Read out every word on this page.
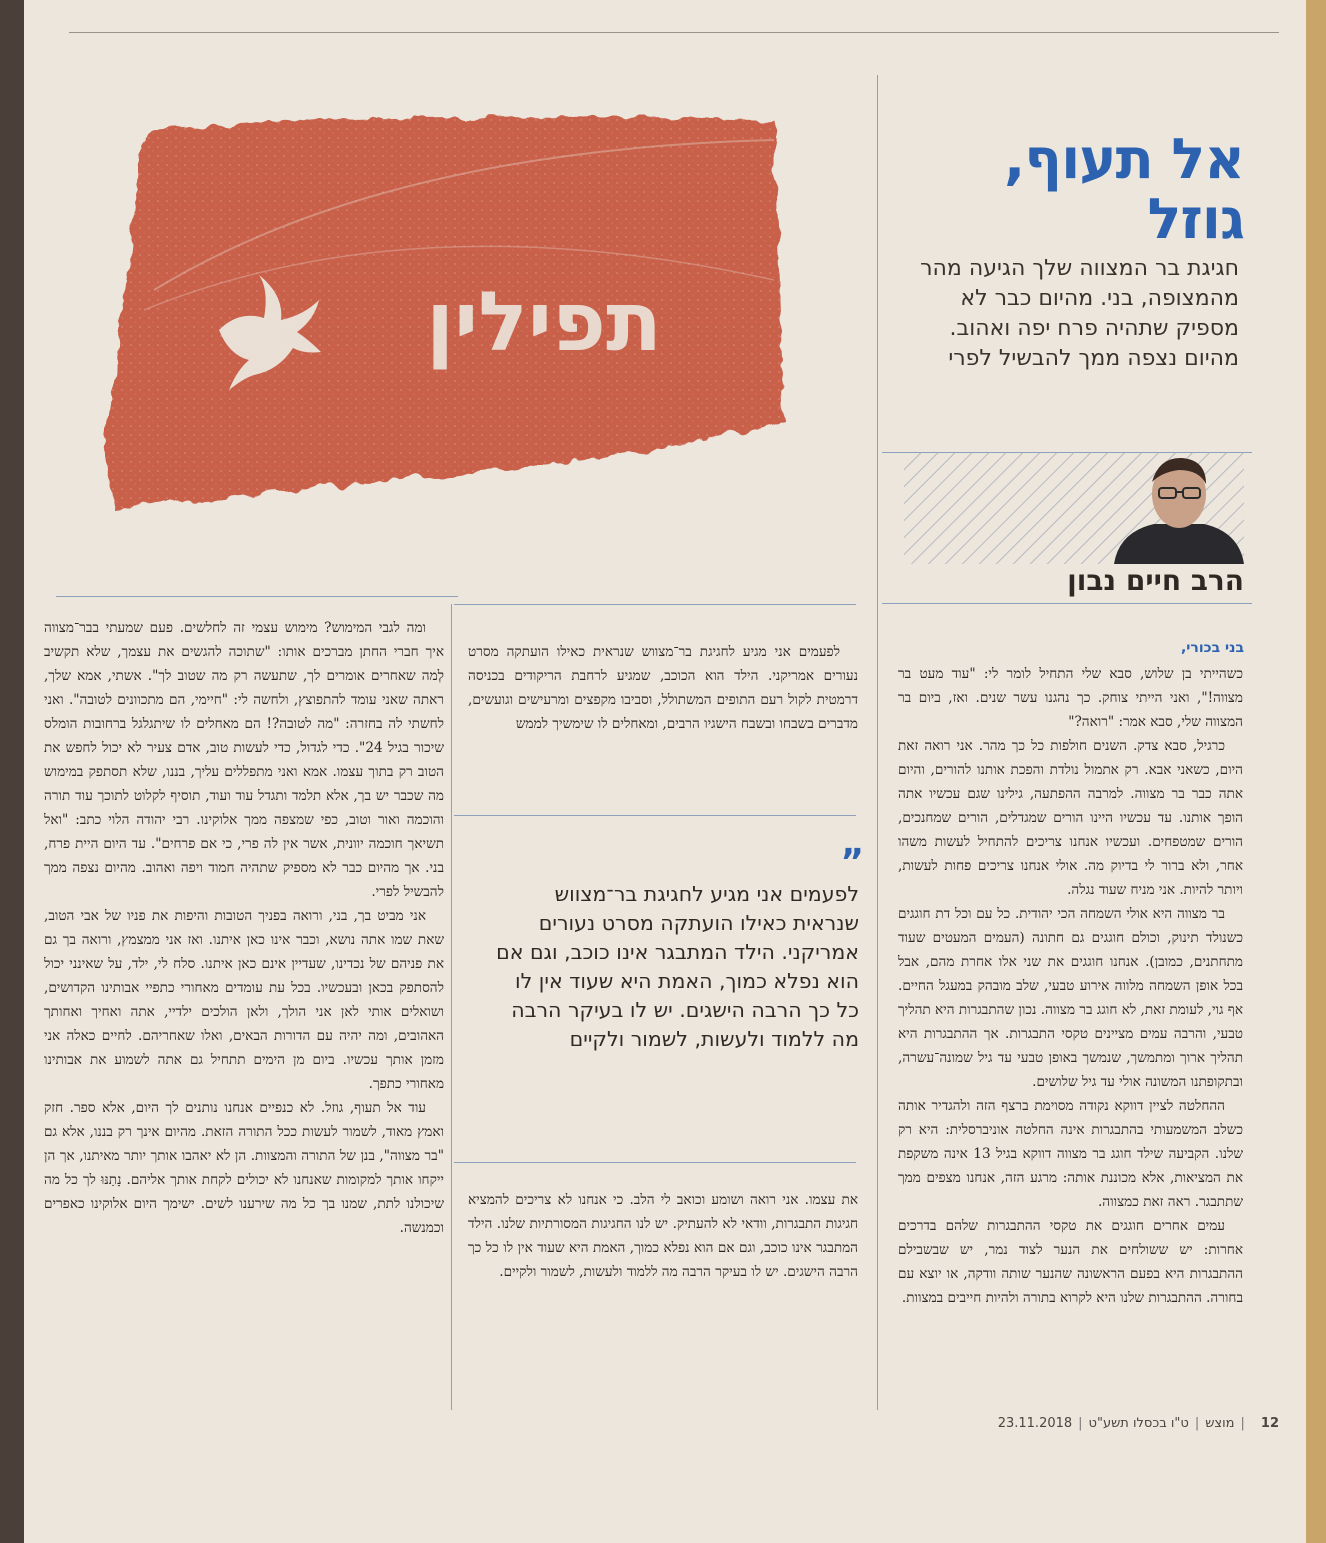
תפילין
אל תעוף,
גוזל
חגיגת בר המצווה שלך הגיעה מהר מהמצופה, בני. מהיום כבר לא מספיק שתהיה פרח יפה ואהוב. מהיום נצפה ממך להבשיל לפרי
הרב חיים נבון
בני בכורי,

כשהייתי בן שלוש, סבא שלי התחיל לומר לי: "עוד מעט בר מצווה!", ואני הייתי צוחק. כך נהגנו עשר שנים. ואז, ביום בר המצווה שלי, סבא אמר: "רואה?"

כרגיל, סבא צדק. השנים חולפות כל כך מהר. אני רואה זאת היום, כשאני אבא. רק אתמול נולדת והפכת אותנו להורים, והיום אתה כבר בר מצווה. למרבה ההפתעה, גילינו שגם עכשיו אתה הופך אותנו. עד עכשיו היינו הורים שמגדלים, הורים שמחנכים, הורים שמטפחים. ועכשיו אנחנו צריכים להתחיל לעשות משהו אחר, ולא ברור לי בדיוק מה. אולי אנחנו צריכים פחות לעשות, ויותר להיות. אני מניח שעוד נגלה.

בר מצווה היא אולי השמחה הכי יהודית. כל עם וכל דת חוגגים כשנולד תינוק, וכולם חוגגים גם חתונה (העמים המעטים שעוד מתחתנים, כמובן). אנחנו חוגגים את שני אלו אחרת מהם, אבל בכל אופן השמחה מלווה אירוע טבעי, שלב מובהק במעגל החיים. אף גוי, לעומת זאת, לא חוגג בר מצווה. נכון שהתבגרות היא תהליך טבעי, והרבה עמים מציינים טקסי התבגרות. אך ההתבגרות היא תהליך ארוך ומתמשך, שנמשך באופן טבעי עד גיל שמונה־עשרה, ובתקופתנו המשונה אולי עד גיל שלושים.

ההחלטה לציין דווקא נקודה מסוימת ברצף הזה ולהגדיר אותה כשלב המשמעותי בהתבגרות אינה החלטה אוניברסלית: היא רק שלנו. הקביעה שילד חוגג בר מצווה דווקא בגיל 13 אינה משקפת את המציאות, אלא מכוננת אותה: מרגע הזה, אנחנו מצפים ממך שתתבגר. ראה זאת כמצווה.

עמים אחרים חוגגים את טקסי ההתבגרות שלהם בדרכים אחרות: יש ששולחים את הנער לצוד נמר, יש שבשבילם ההתבגרות היא בפעם הראשונה שהנער שותה וודקה, או יוצא עם בחורה. ההתבגרות שלנו היא לקרוא בתורה ולהיות חייבים במצוות.

לפעמים אני מגיע לחגיגת בר־מצווש שנראית כאילו הועתקה מסרט נעורים אמריקני. הילד הוא הכוכב, שמגיע לרחבת הריקודים בכניסה דרמטית לקול רעם התופים המשתולל, וסביבו מקפצים ומרעישים וגועשים, מדברים בשבחו ובשבח הישגיו הרבים, ומאחלים לו שימשיך לממש

”
לפעמים אני מגיע לחגיגת בר־מצווש שנראית כאילו הועתקה מסרט נעורים אמריקני. הילד המתבגר אינו כוכב, וגם אם הוא נפלא כמוך, האמת היא שעוד אין לו כל כך הרבה הישגים. יש לו בעיקר הרבה מה ללמוד ולעשות, לשמור ולקיים

את עצמו. אני רואה ושומע וכואב לי הלב. כי אנחנו לא צריכים להמציא חגיגות התבגרות, וודאי לא להעתיק. יש לנו החגיגות המסורתיות שלנו. הילד המתבגר אינו כוכב, וגם אם הוא נפלא כמוך, האמת היא שעוד אין לו כל כך הרבה הישגים. יש לו בעיקר הרבה מה ללמוד ולעשות, לשמור ולקיים.

ומה לגבי המימוש? מימוש עצמי זה לחלשים. פעם שמעתי בבר־מצווה איך חברי החתן מברכים אותו: "שתוכה להגשים את עצמך, שלא תקשיב לְמה שאחרים אומרים לך, שתעשה רק מה שטוב לך". אשתי, אמא שלך, ראתה שאני עומד להתפוצץ, ולחשה לי: "חיימי, הם מתכוונים לטובה". ואני לחשתי לה בחזרה: "מה לטובה?! הם מאחלים לו שיתגלגל ברחובות הומלס שיכור בגיל 24". כדי לגדול, כדי לעשות טוב, אדם צעיר לא יכול לחפש את הטוב רק בתוך עצמו. אמא ואני מתפללים עליך, בננו, שלא תסתפק במימוש מה שכבר יש בך, אלא תלמד ותגדל עוד ועוד, תוסיף לקלוט לתוכך עוד תורה והוכמה ואור וטוב, כפי שמצפה ממך אלוקינו. רבי יהודה הלוי כתב: "ואל תשיאך חוכמה יוונית, אשר אין לה פרי, כי אם פרחים". עד היום היית פרח, בני. אך מהיום כבר לא מספיק שתהיה חמוד ויפה ואהוב. מהיום נצפה ממך להבשיל לפרי.

אני מביט בך, בני, ורואה בפניך הטובות והיפות את פניו של אבי הטוב, שאת שמו אתה נושא, וכבר אינו כאן איתנו. ואז אני ממצמץ, ורואה בך גם את פניהם של נכדינו, שעדיין אינם כאן איתנו. סלח לי, ילד, על שאינני יכול להסתפק בכאן ובעכשיו. בכל עת עומדים מאחורי כתפיי אבותינו הקדושים, ושואלים אותי לאן אני הולך, ולאן הולכים ילדיי, אתה ואחיך ואחותך האהובים, ומה יהיה עם הדורות הבאים, ואלו שאחריהם. לחיים כאלה אני מזמן אותך עכשיו. ביום מן הימים תתחיל גם אתה לשמוע את אבותינו מאחורי כתפך.

עוד אל תעוף, גוזל. לא כנפיים אנחנו נותנים לך היום, אלא ספר. חזק ואמץ מאוד, לשמור לעשות ככל התורה הזאת. מהיום אינך רק בננו, אלא גם "בר מצווה", בנן של התורה והמצוות. הן לא יאהבו אותך יותר מאיתנו, אך הן ייקחו אותך למקומות שאנחנו לא יכולים לקחת אותך אליהם. נָתַנּוּ לך כל מה שיכולנו לתת, שמנו בך כל מה שירענו לשים. ישימך היום אלוקינו כאפרים וכמנשה.

12|מוצש|ט"ו בכסלו תשע"ט|23.11.2018
